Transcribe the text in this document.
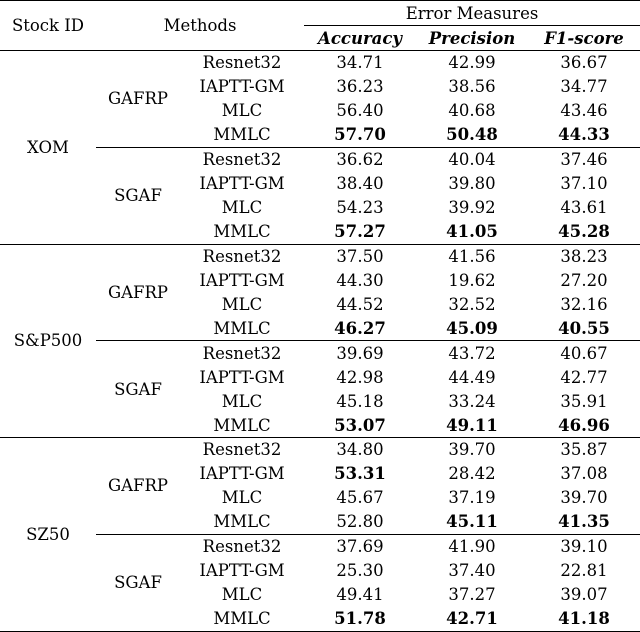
Stock ID	Methods		Error Measures		
			Accuracy	Precision	F1-score
XOM	GAFRP	Resnet32	34.71	42.99	36.67
		IAPTT-GM	36.23	38.56	34.77
		MLC	56.40	40.68	43.46
		MMLC	57.70	50.48	44.33
	SGAF	Resnet32	36.62	40.04	37.46
		IAPTT-GM	38.40	39.80	37.10
		MLC	54.23	39.92	43.61
		MMLC	57.27	41.05	45.28
S&P500	GAFRP	Resnet32	37.50	41.56	38.23
		IAPTT-GM	44.30	19.62	27.20
		MLC	44.52	32.52	32.16
		MMLC	46.27	45.09	40.55
	SGAF	Resnet32	39.69	43.72	40.67
		IAPTT-GM	42.98	44.49	42.77
		MLC	45.18	33.24	35.91
		MMLC	53.07	49.11	46.96
SZ50	GAFRP	Resnet32	34.80	39.70	35.87
		IAPTT-GM	53.31	28.42	37.08
		MLC	45.67	37.19	39.70
		MMLC	52.80	45.11	41.35
	SGAF	Resnet32	37.69	41.90	39.10
		IAPTT-GM	25.30	37.40	22.81
		MLC	49.41	37.27	39.07
		MMLC	51.78	42.71	41.18
